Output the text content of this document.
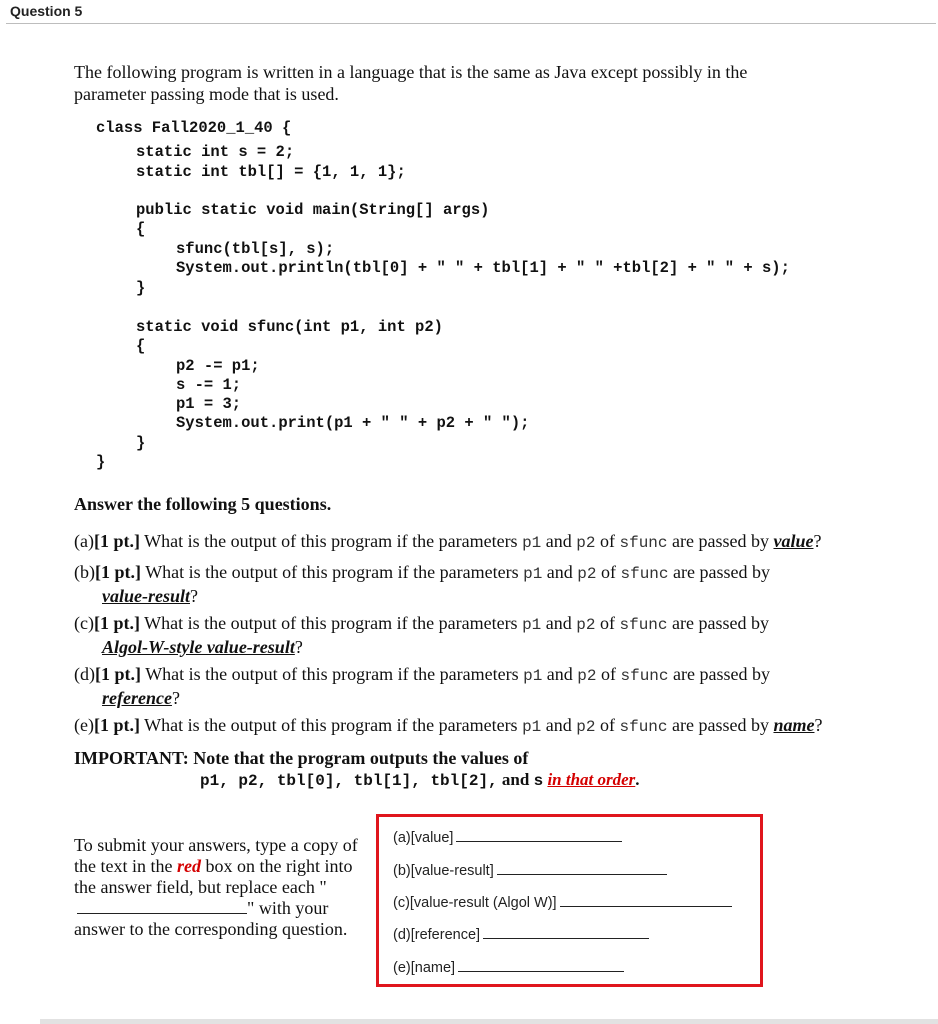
Question 5
The following program is written in a language that is the same as Java except possibly in the parameter passing mode that is used.
class Fall2020_1_40 {
static int s = 2;
static int tbl[] = {1, 1, 1};
public static void main(String[] args)
{
sfunc(tbl[s], s);
System.out.println(tbl[0] + " " + tbl[1] + " " +tbl[2] + " " + s);
}
static void sfunc(int p1, int p2)
{
p2 -= p1;
s -= 1;
p1 = 3;
System.out.print(p1 + " " + p2 + " ");
}
}
Answer the following 5 questions.
(a)[1 pt.] What is the output of this program if the parameters p1 and p2 of sfunc are passed by value?
(b)[1 pt.] What is the output of this program if the parameters p1 and p2 of sfunc are passed by
value-result?
(c)[1 pt.] What is the output of this program if the parameters p1 and p2 of sfunc are passed by
Algol-W-style value-result?
(d)[1 pt.] What is the output of this program if the parameters p1 and p2 of sfunc are passed by
reference?
(e)[1 pt.] What is the output of this program if the parameters p1 and p2 of sfunc are passed by name?
IMPORTANT: Note that the program outputs the values of
p1, p2, tbl[0], tbl[1], tbl[2], and s in that order.
To submit your answers, type a copy of the text in the red box on the right into the answer field, but replace each "" with your answer to the corresponding question.
(a)[value]
(b)[value-result]
(c)[value-result (Algol W)]
(d)[reference]
(e)[name]
